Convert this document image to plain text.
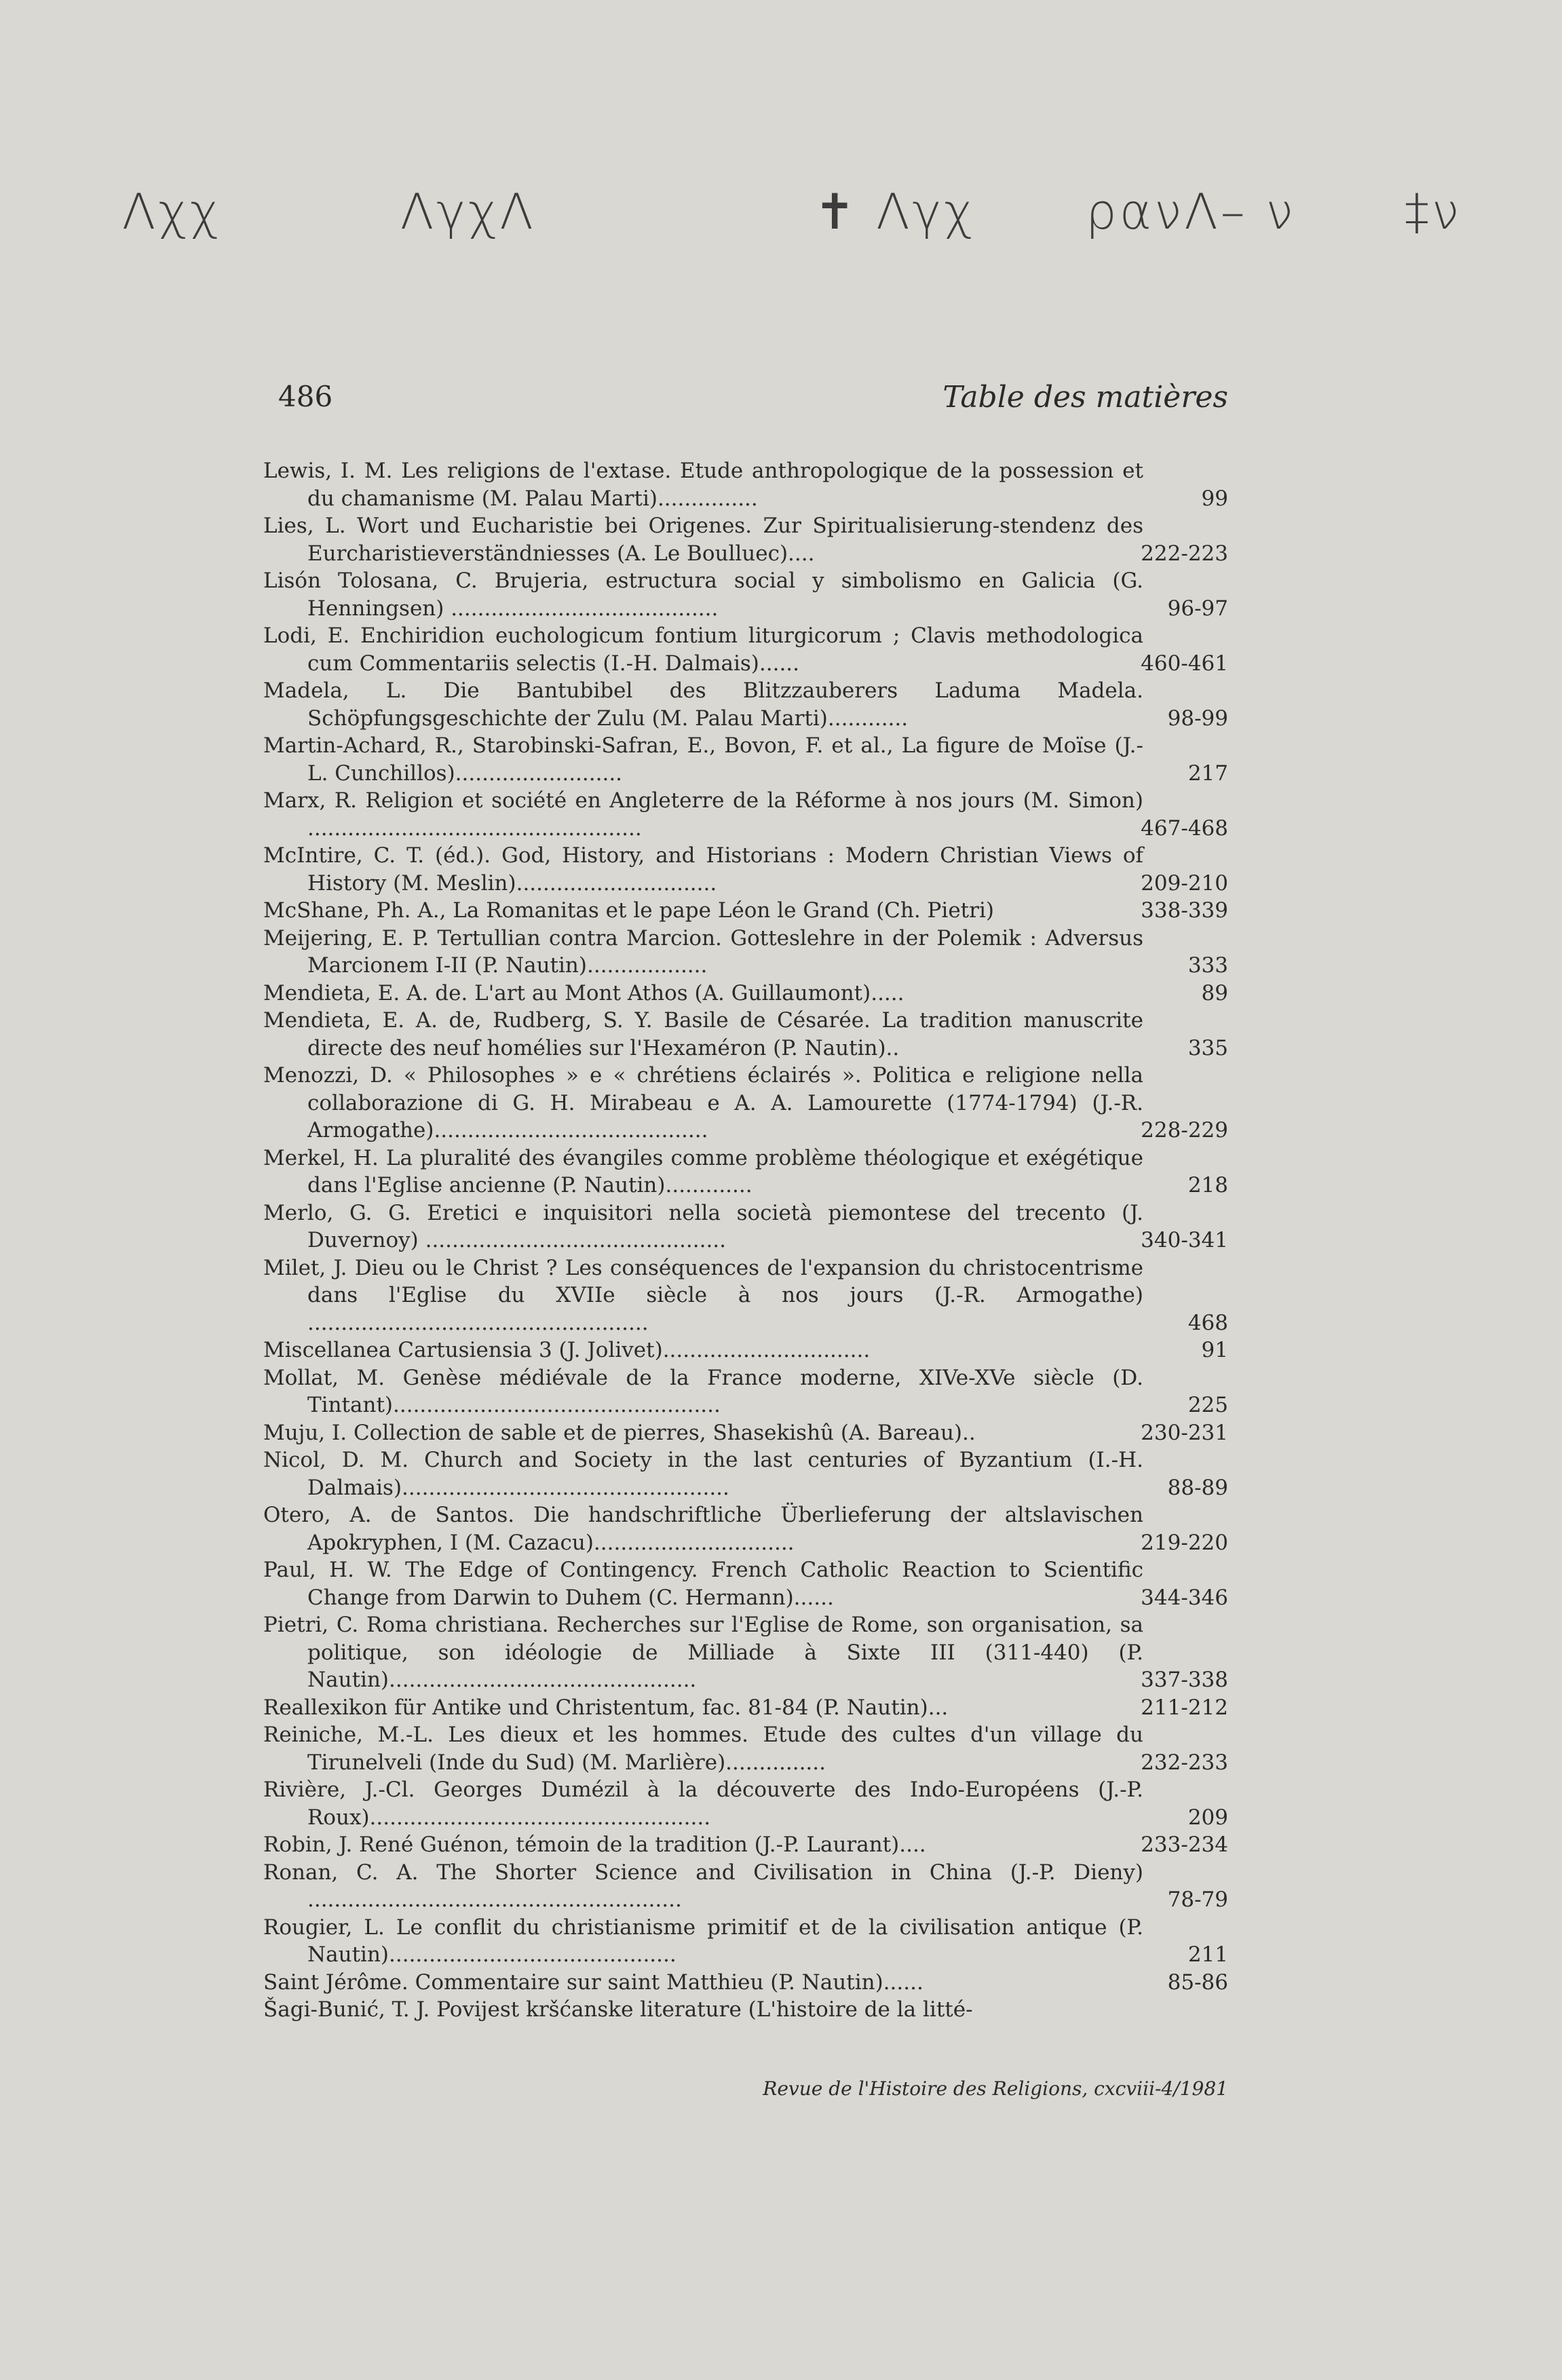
Λχχ	ΛγχΛ	✝ Λγχ ρανΛ– ν ‡ν
486	Table des matières
Lewis, I. M. Les religions de l'extase. Etude anthropologique de la possession et du chamanisme (M. Palau Marti)...............	99
Lies, L. Wort und Eucharistie bei Origenes. Zur Spiritualisierung-stendenz des Eurcharistieverständniesses (A. Le Boulluec)....	222-223
Lisón Tolosana, C. Brujeria, estructura social y simbolismo en Galicia (G. Henningsen) ........................................	96-97
Lodi, E. Enchiridion euchologicum fontium liturgicorum ; Clavis methodologica cum Commentariis selectis (I.-H. Dalmais)......	460-461
Madela, L. Die Bantubibel des Blitzzauberers Laduma Madela. Schöpfungsgeschichte der Zulu (M. Palau Marti)............	98-99
Martin-Achard, R., Starobinski-Safran, E., Bovon, F. et al., La figure de Moïse (J.-L. Cunchillos).........................	217
Marx, R. Religion et société en Angleterre de la Réforme à nos jours (M. Simon) ..................................................	467-468
McIntire, C. T. (éd.). God, History, and Historians : Modern Christian Views of History (M. Meslin)..............................	209-210
McShane, Ph. A., La Romanitas et le pape Léon le Grand (Ch. Pietri)	338-339
Meijering, E. P. Tertullian contra Marcion. Gotteslehre in der Polemik : Adversus Marcionem I-II (P. Nautin)..................	333
Mendieta, E. A. de. L'art au Mont Athos (A. Guillaumont).....	89
Mendieta, E. A. de, Rudberg, S. Y. Basile de Césarée. La tradition manuscrite directe des neuf homélies sur l'Hexaméron (P. Nautin)..	335
Menozzi, D. « Philosophes » e « chrétiens éclairés ». Politica e religione nella collaborazione di G. H. Mirabeau e A. A. Lamourette (1774-1794) (J.-R. Armogathe).........................................	228-229
Merkel, H. La pluralité des évangiles comme problème théologique et exégétique dans l'Eglise ancienne (P. Nautin).............	218
Merlo, G. G. Eretici e inquisitori nella società piemontese del trecento (J. Duvernoy) .............................................	340-341
Milet, J. Dieu ou le Christ ? Les conséquences de l'expansion du christocentrisme dans l'Eglise du XVIIe siècle à nos jours (J.-R. Armogathe) ...................................................	468
Miscellanea Cartusiensia 3 (J. Jolivet)...............................	91
Mollat, M. Genèse médiévale de la France moderne, XIVe-XVe siècle (D. Tintant).................................................	225
Muju, I. Collection de sable et de pierres, Shasekishû (A. Bareau)..	230-231
Nicol, D. M. Church and Society in the last centuries of Byzantium (I.-H. Dalmais).................................................	88-89
Otero, A. de Santos. Die handschriftliche Überlieferung der altslavischen Apokryphen, I (M. Cazacu)..............................	219-220
Paul, H. W. The Edge of Contingency. French Catholic Reaction to Scientific Change from Darwin to Duhem (C. Hermann)......	344-346
Pietri, C. Roma christiana. Recherches sur l'Eglise de Rome, son organisation, sa politique, son idéologie de Milliade à Sixte III (311-440) (P. Nautin)..............................................	337-338
Reallexikon für Antike und Christentum, fac. 81-84 (P. Nautin)...	211-212
Reiniche, M.-L. Les dieux et les hommes. Etude des cultes d'un village du Tirunelveli (Inde du Sud) (M. Marlière)...............	232-233
Rivière, J.-Cl. Georges Dumézil à la découverte des Indo-Européens (J.-P. Roux)...................................................	209
Robin, J. René Guénon, témoin de la tradition (J.-P. Laurant)....	233-234
Ronan, C. A. The Shorter Science and Civilisation in China (J.-P. Dieny) ........................................................	78-79
Rougier, L. Le conflit du christianisme primitif et de la civilisation antique (P. Nautin)...........................................	211
Saint Jérôme. Commentaire sur saint Matthieu (P. Nautin)......	85-86
Šagi-Bunić, T. J. Povijest kršćanske literature (L'histoire de la litté-
Revue de l'Histoire des Religions, cxcviii-4/1981
